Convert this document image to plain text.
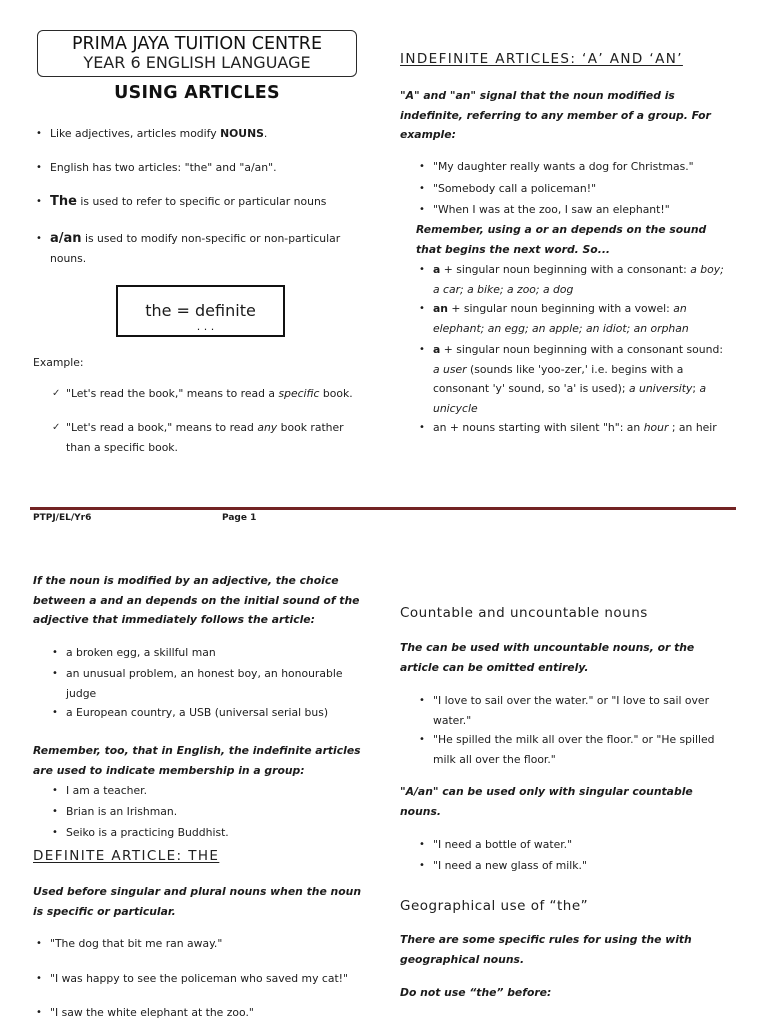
PRIMA JAYA TUITION CENTRE
YEAR 6 ENGLISH LANGUAGE
USING ARTICLES
• Like adjectives, articles modify NOUNS.
• English has two articles: "the" and "a/an".
• The is used to refer to specific or particular nouns
• a/an is used to modify non-specific or non-particular
nouns.
the = definite
. . .
Example:
✓
"Let's read the book," means to read a specific book.
✓
"Let's read a book," means to read any book rather
than a specific book.
INDEFINITE ARTICLES: ‘A’ AND ‘AN’
"A" and "an" signal that the noun modified is
indefinite, referring to any member of a group. For
example:
• "My daughter really wants a dog for Christmas."
• "Somebody call a policeman!"
• "When I was at the zoo, I saw an elephant!"
Remember, using a or an depends on the sound
that begins the next word. So...
• a + singular noun beginning with a consonant: a boy;
a car; a bike; a zoo; a dog
• an + singular noun beginning with a vowel: an
elephant; an egg; an apple; an idiot; an orphan
• a + singular noun beginning with a consonant sound:
a user (sounds like 'yoo-zer,' i.e. begins with a
consonant 'y' sound, so 'a' is used); a university; a
unicycle
• an + nouns starting with silent "h": an hour ; an heir
PTPJ/EL/Yr6	Page 1
If the noun is modified by an adjective, the choice
between a and an depends on the initial sound of the
adjective that immediately follows the article:
• a broken egg, a skillful man
• an unusual problem, an honest boy, an honourable
judge
• a European country, a USB (universal serial bus)
Remember, too, that in English, the indefinite articles
are used to indicate membership in a group:
• I am a teacher.
• Brian is an Irishman.
• Seiko is a practicing Buddhist.
DEFINITE ARTICLE: THE
Used before singular and plural nouns when the noun
is specific or particular.
• "The dog that bit me ran away."
• "I was happy to see the policeman who saved my cat!"
• "I saw the white elephant at the zoo."
Countable and uncountable nouns
The can be used with uncountable nouns, or the
article can be omitted entirely.
• "I love to sail over the water." or "I love to sail over
water."
• "He spilled the milk all over the floor." or "He spilled
milk all over the floor."
"A/an" can be used only with singular countable
nouns.
• "I need a bottle of water."
• "I need a new glass of milk."
Geographical use of “the”
There are some specific rules for using the with
geographical nouns.
Do not use “the” before:
